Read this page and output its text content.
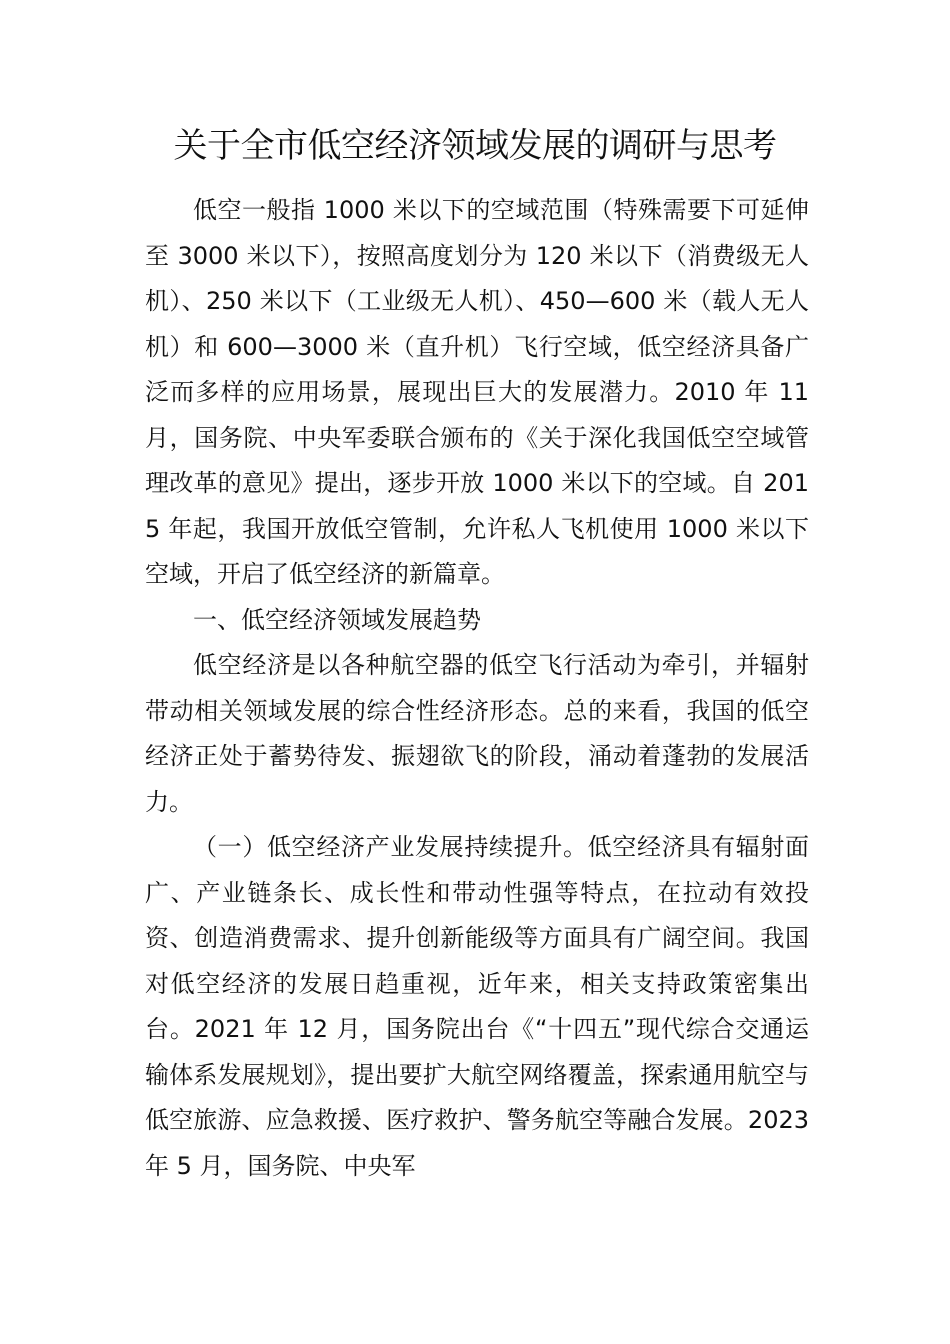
关于全市低空经济领域发展的调研与思考

低空一般指 1000 米以下的空域范围（特殊需要下可延伸至 3000 米以下），按照高度划分为 120 米以下（消费级无人机）、250 米以下（工业级无人机）、450—600 米（载人无人机）和 600—3000 米（直升机）飞行空域，低空经济具备广泛而多样的应用场景，展现出巨大的发展潜力。2010 年 11 月，国务院、中央军委联合颁布的《关于深化我国低空空域管理改革的意见》提出，逐步开放 1000 米以下的空域。自 2015 年起，我国开放低空管制，允许私人飞机使用 1000 米以下空域，开启了低空经济的新篇章。

一、低空经济领域发展趋势

低空经济是以各种航空器的低空飞行活动为牵引，并辐射带动相关领域发展的综合性经济形态。总的来看，我国的低空经济正处于蓄势待发、振翅欲飞的阶段，涌动着蓬勃的发展活力。

（一）低空经济产业发展持续提升。低空经济具有辐射面广、产业链条长、成长性和带动性强等特点，在拉动有效投资、创造消费需求、提升创新能级等方面具有广阔空间。我国对低空经济的发展日趋重视，近年来，相关支持政策密集出台。2021 年 12 月，国务院出台《“十四五”现代综合交通运输体系发展规划》，提出要扩大航空网络覆盖，探索通用航空与低空旅游、应急救援、医疗救护、警务航空等融合发展。2023 年 5 月，国务院、中央军
